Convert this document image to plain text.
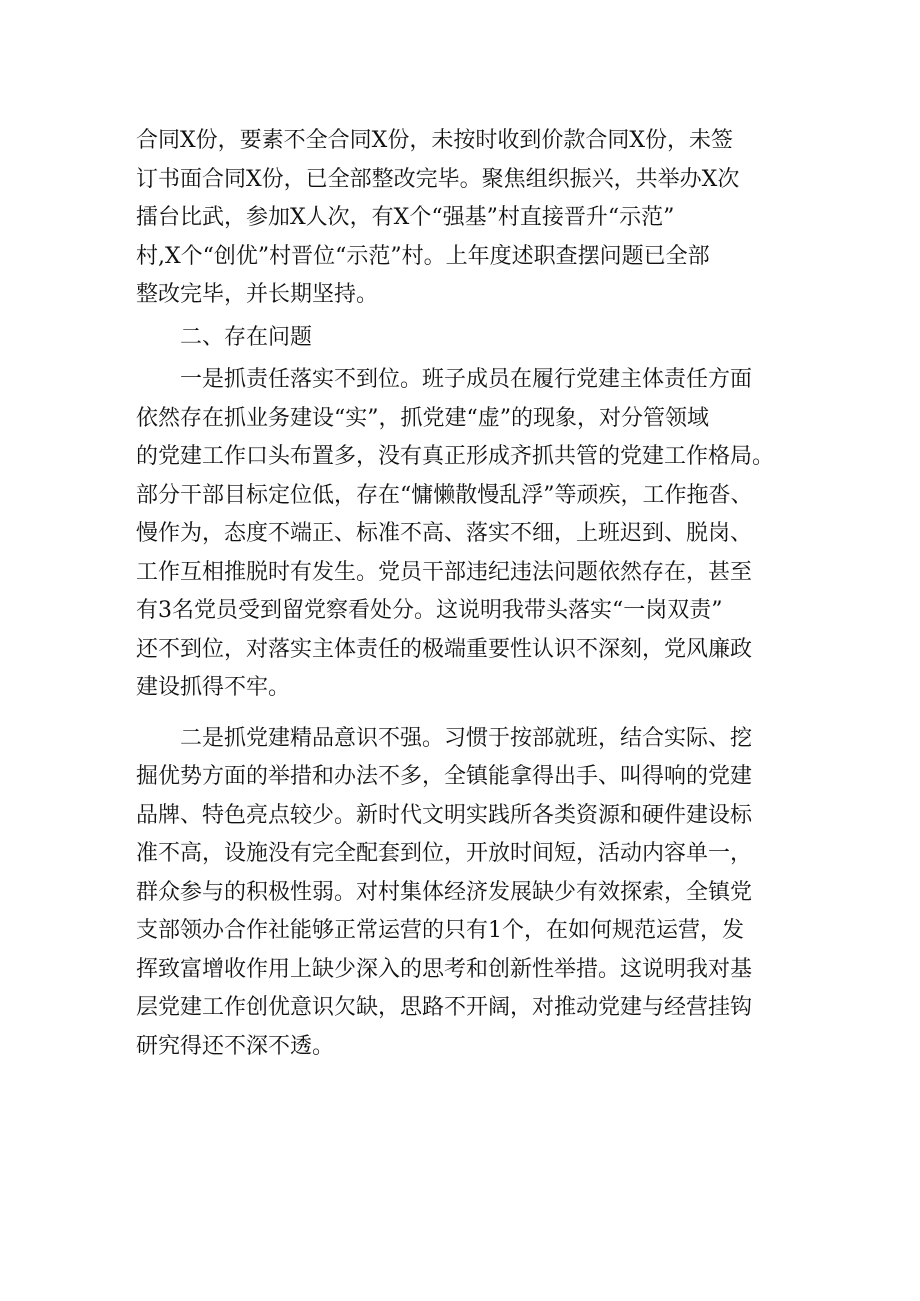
合同X份，要素不全合同X份，未按时收到价款合同X份，未签
订书面合同X份，已全部整改完毕。聚焦组织振兴，共举办X次
擂台比武，参加X人次，有X个“强基”村直接晋升“示范”
村,X个“创优”村晋位“示范”村。上年度述职查摆问题已全部
整改完毕，并长期坚持。
二、存在问题
一是抓责任落实不到位。班子成员在履行党建主体责任方面
依然存在抓业务建设“实”，抓党建“虚”的现象，对分管领域
的党建工作口头布置多，没有真正形成齐抓共管的党建工作格局。
部分干部目标定位低，存在“慵懒散慢乱浮”等顽疾，工作拖沓、
慢作为，态度不端正、标准不高、落实不细，上班迟到、脱岗、
工作互相推脱时有发生。党员干部违纪违法问题依然存在，甚至
有3名党员受到留党察看处分。这说明我带头落实“一岗双责”
还不到位，对落实主体责任的极端重要性认识不深刻，党风廉政
建设抓得不牢。
二是抓党建精品意识不强。习惯于按部就班，结合实际、挖
掘优势方面的举措和办法不多，全镇能拿得出手、叫得响的党建
品牌、特色亮点较少。新时代文明实践所各类资源和硬件建设标
准不高，设施没有完全配套到位，开放时间短，活动内容单一，
群众参与的积极性弱。对村集体经济发展缺少有效探索，全镇党
支部领办合作社能够正常运营的只有1个，在如何规范运营，发
挥致富增收作用上缺少深入的思考和创新性举措。这说明我对基
层党建工作创优意识欠缺，思路不开阔，对推动党建与经营挂钩
研究得还不深不透。
